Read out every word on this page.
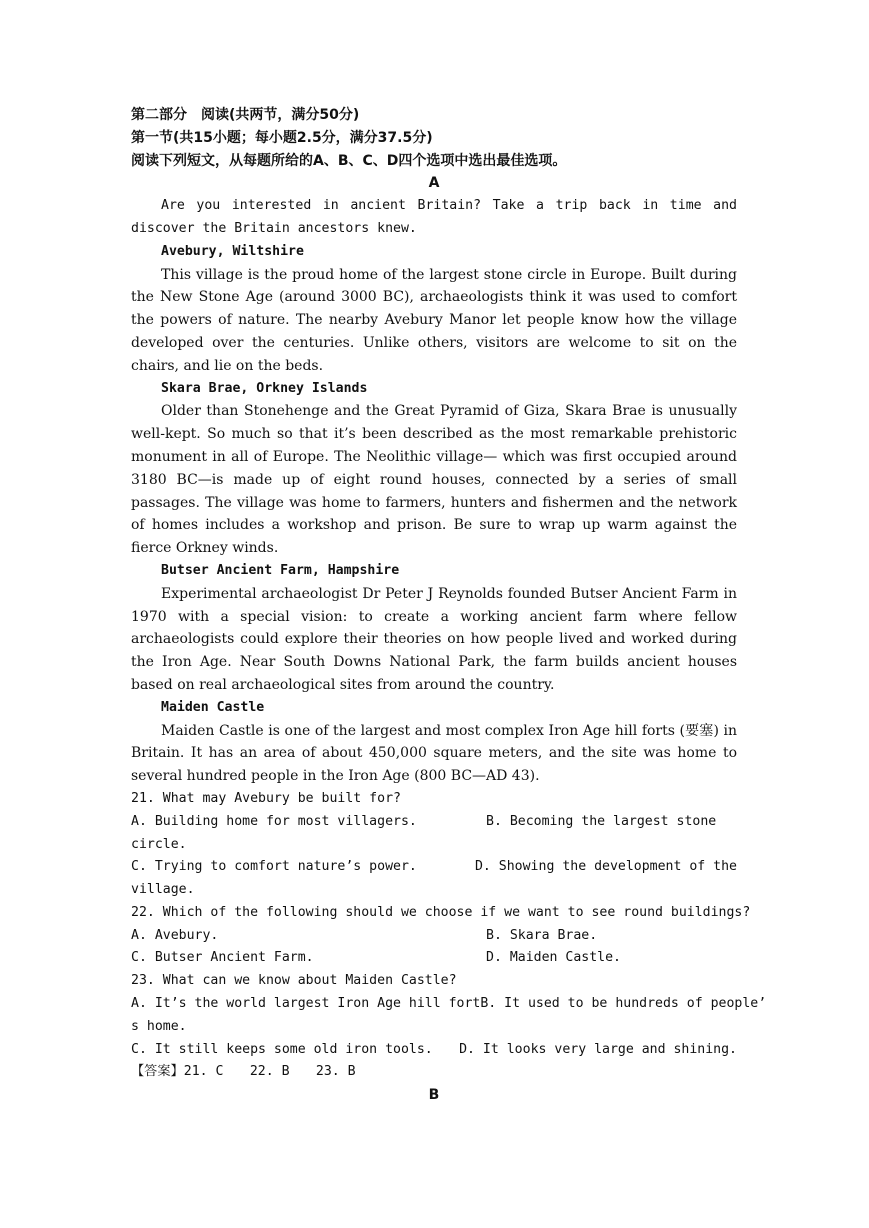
第二部分　阅读(共两节，满分50分)
第一节(共15小题；每小题2.5分，满分37.5分)
阅读下列短文，从每题所给的A、B、C、D四个选项中选出最佳选项。
A
Are you interested in ancient Britain? Take a trip back in time and discover the Britain ancestors knew.
Avebury, Wiltshire
This village is the proud home of the largest stone circle in Europe. Built during the New Stone Age (around 3000 BC), archaeologists think it was used to comfort the powers of nature. The nearby Avebury Manor let people know how the village developed over the centuries. Unlike others, visitors are welcome to sit on the chairs, and lie on the beds.
Skara Brae, Orkney Islands
Older than Stonehenge and the Great Pyramid of Giza, Skara Brae is unusually well-kept. So much so that it’s been described as the most remarkable prehistoric monument in all of Europe. The Neolithic village— which was first occupied around 3180 BC—is made up of eight round houses, connected by a series of small passages. The village was home to farmers, hunters and fishermen and the network of homes includes a workshop and prison. Be sure to wrap up warm against the fierce Orkney winds.
Butser Ancient Farm, Hampshire
Experimental archaeologist Dr Peter J Reynolds founded Butser Ancient Farm in 1970 with a special vision: to create a working ancient farm where fellow archaeologists could explore their theories on how people lived and worked during the Iron Age. Near South Downs National Park, the farm builds ancient houses based on real archaeological sites from around the country.
Maiden Castle
Maiden Castle is one of the largest and most complex Iron Age hill forts (要塞) in Britain. It has an area of about 450,000 square meters, and the site was home to several hundred people in the Iron Age (800 BC—AD 43).
21. What may Avebury be built for?
A. Building home for most villagers.	B. Becoming the largest stone
circle.
C. Trying to comfort nature’s power.	D. Showing the development of the
village.
22. Which of the following should we choose if we want to see round buildings?
A. Avebury.	B. Skara Brae.
C. Butser Ancient Farm.	D. Maiden Castle.
23. What can we know about Maiden Castle?
A. It’s the world largest Iron Age hill fort B. It used to be hundreds of people’
s home.
C. It still keeps some old iron tools.	D. It looks very large and shining.
【答案】21. C　　22. B　　23. B
B
